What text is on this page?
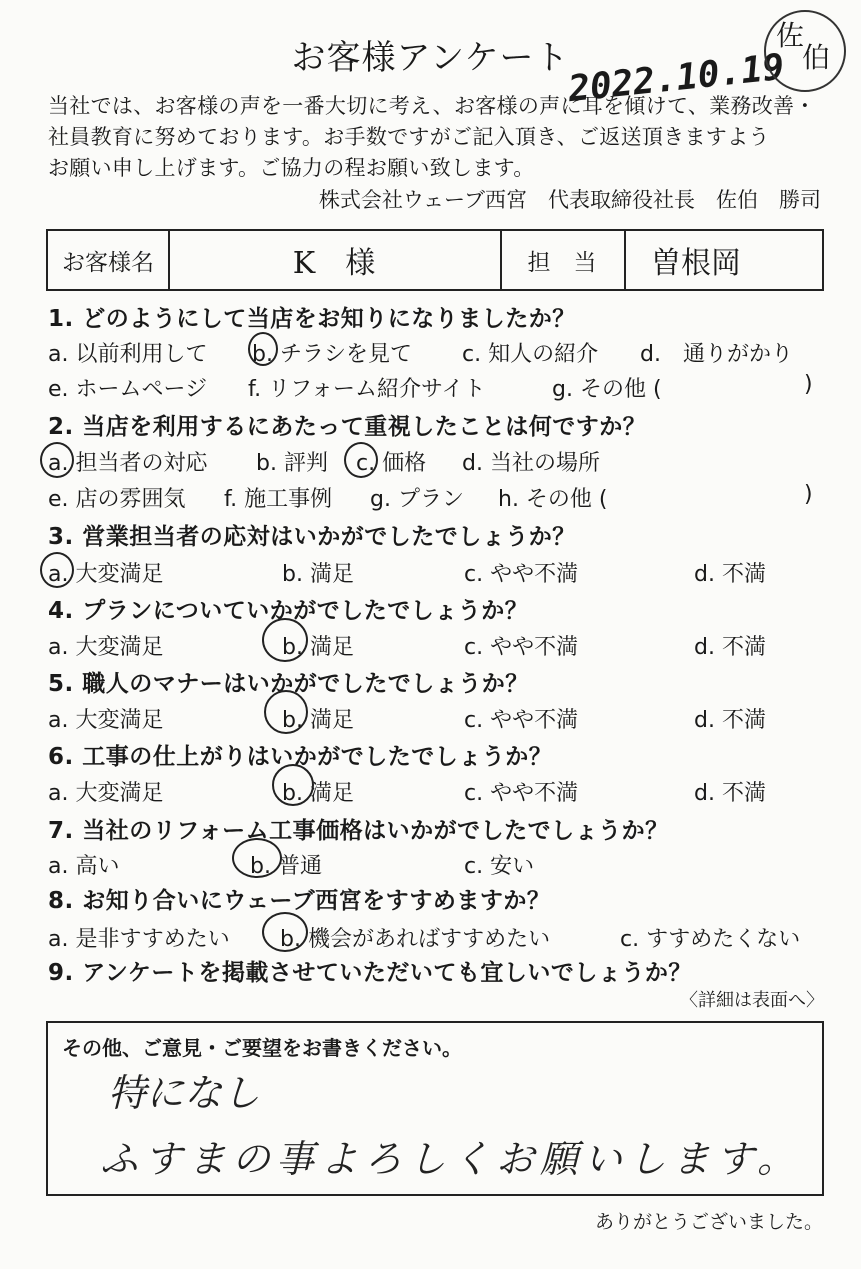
お客様アンケート
2022.10.19
佐
伯
当社では、お客様の声を一番大切に考え、お客様の声に耳を傾けて、業務改善・
社員教育に努めております。お手数ですがご記入頂き、ご返送頂きますよう
お願い申し上げます。ご協力の程お願い致します。
株式会社ウェーブ西宮　代表取締役社長　佐伯　勝司
お客様名	K　様	担　当	曽根岡
1. どのようにして当店をお知りになりましたか？
a. 以前利用して b. チラシを見て c. 知人の紹介 d.　通りがかり
e. ホームページ f. リフォーム紹介サイト	g. その他 (	)
2. 当店を利用するにあたって重視したことは何ですか？
a. 担当者の対応 b. 評判 c. 価格 d. 当社の場所
e. 店の雰囲気 f. 施工事例 g. プラン h. その他 (	)
3. 営業担当者の応対はいかがでしたでしょうか？
a. 大変満足	b. 満足	c. やや不満	d. 不満
4. プランについていかがでしたでしょうか？
a. 大変満足	b. 満足	c. やや不満	d. 不満
5. 職人のマナーはいかがでしたでしょうか？
a. 大変満足	b. 満足	c. やや不満	d. 不満
6. 工事の仕上がりはいかがでしたでしょうか？
a. 大変満足	b. 満足	c. やや不満	d. 不満
7. 当社のリフォーム工事価格はいかがでしたでしょうか？
a. 高い	b. 普通	c. 安い
8. お知り合いにウェーブ西宮をすすめますか？
a. 是非すすめたい b. 機会があればすすめたい	c. すすめたくない
9. アンケートを掲載させていただいても宜しいでしょうか？
〈詳細は表面へ〉
その他、ご意見・ご要望をお書きください。
特になし
ふすまの事よろしくお願いします。
ありがとうございました。
